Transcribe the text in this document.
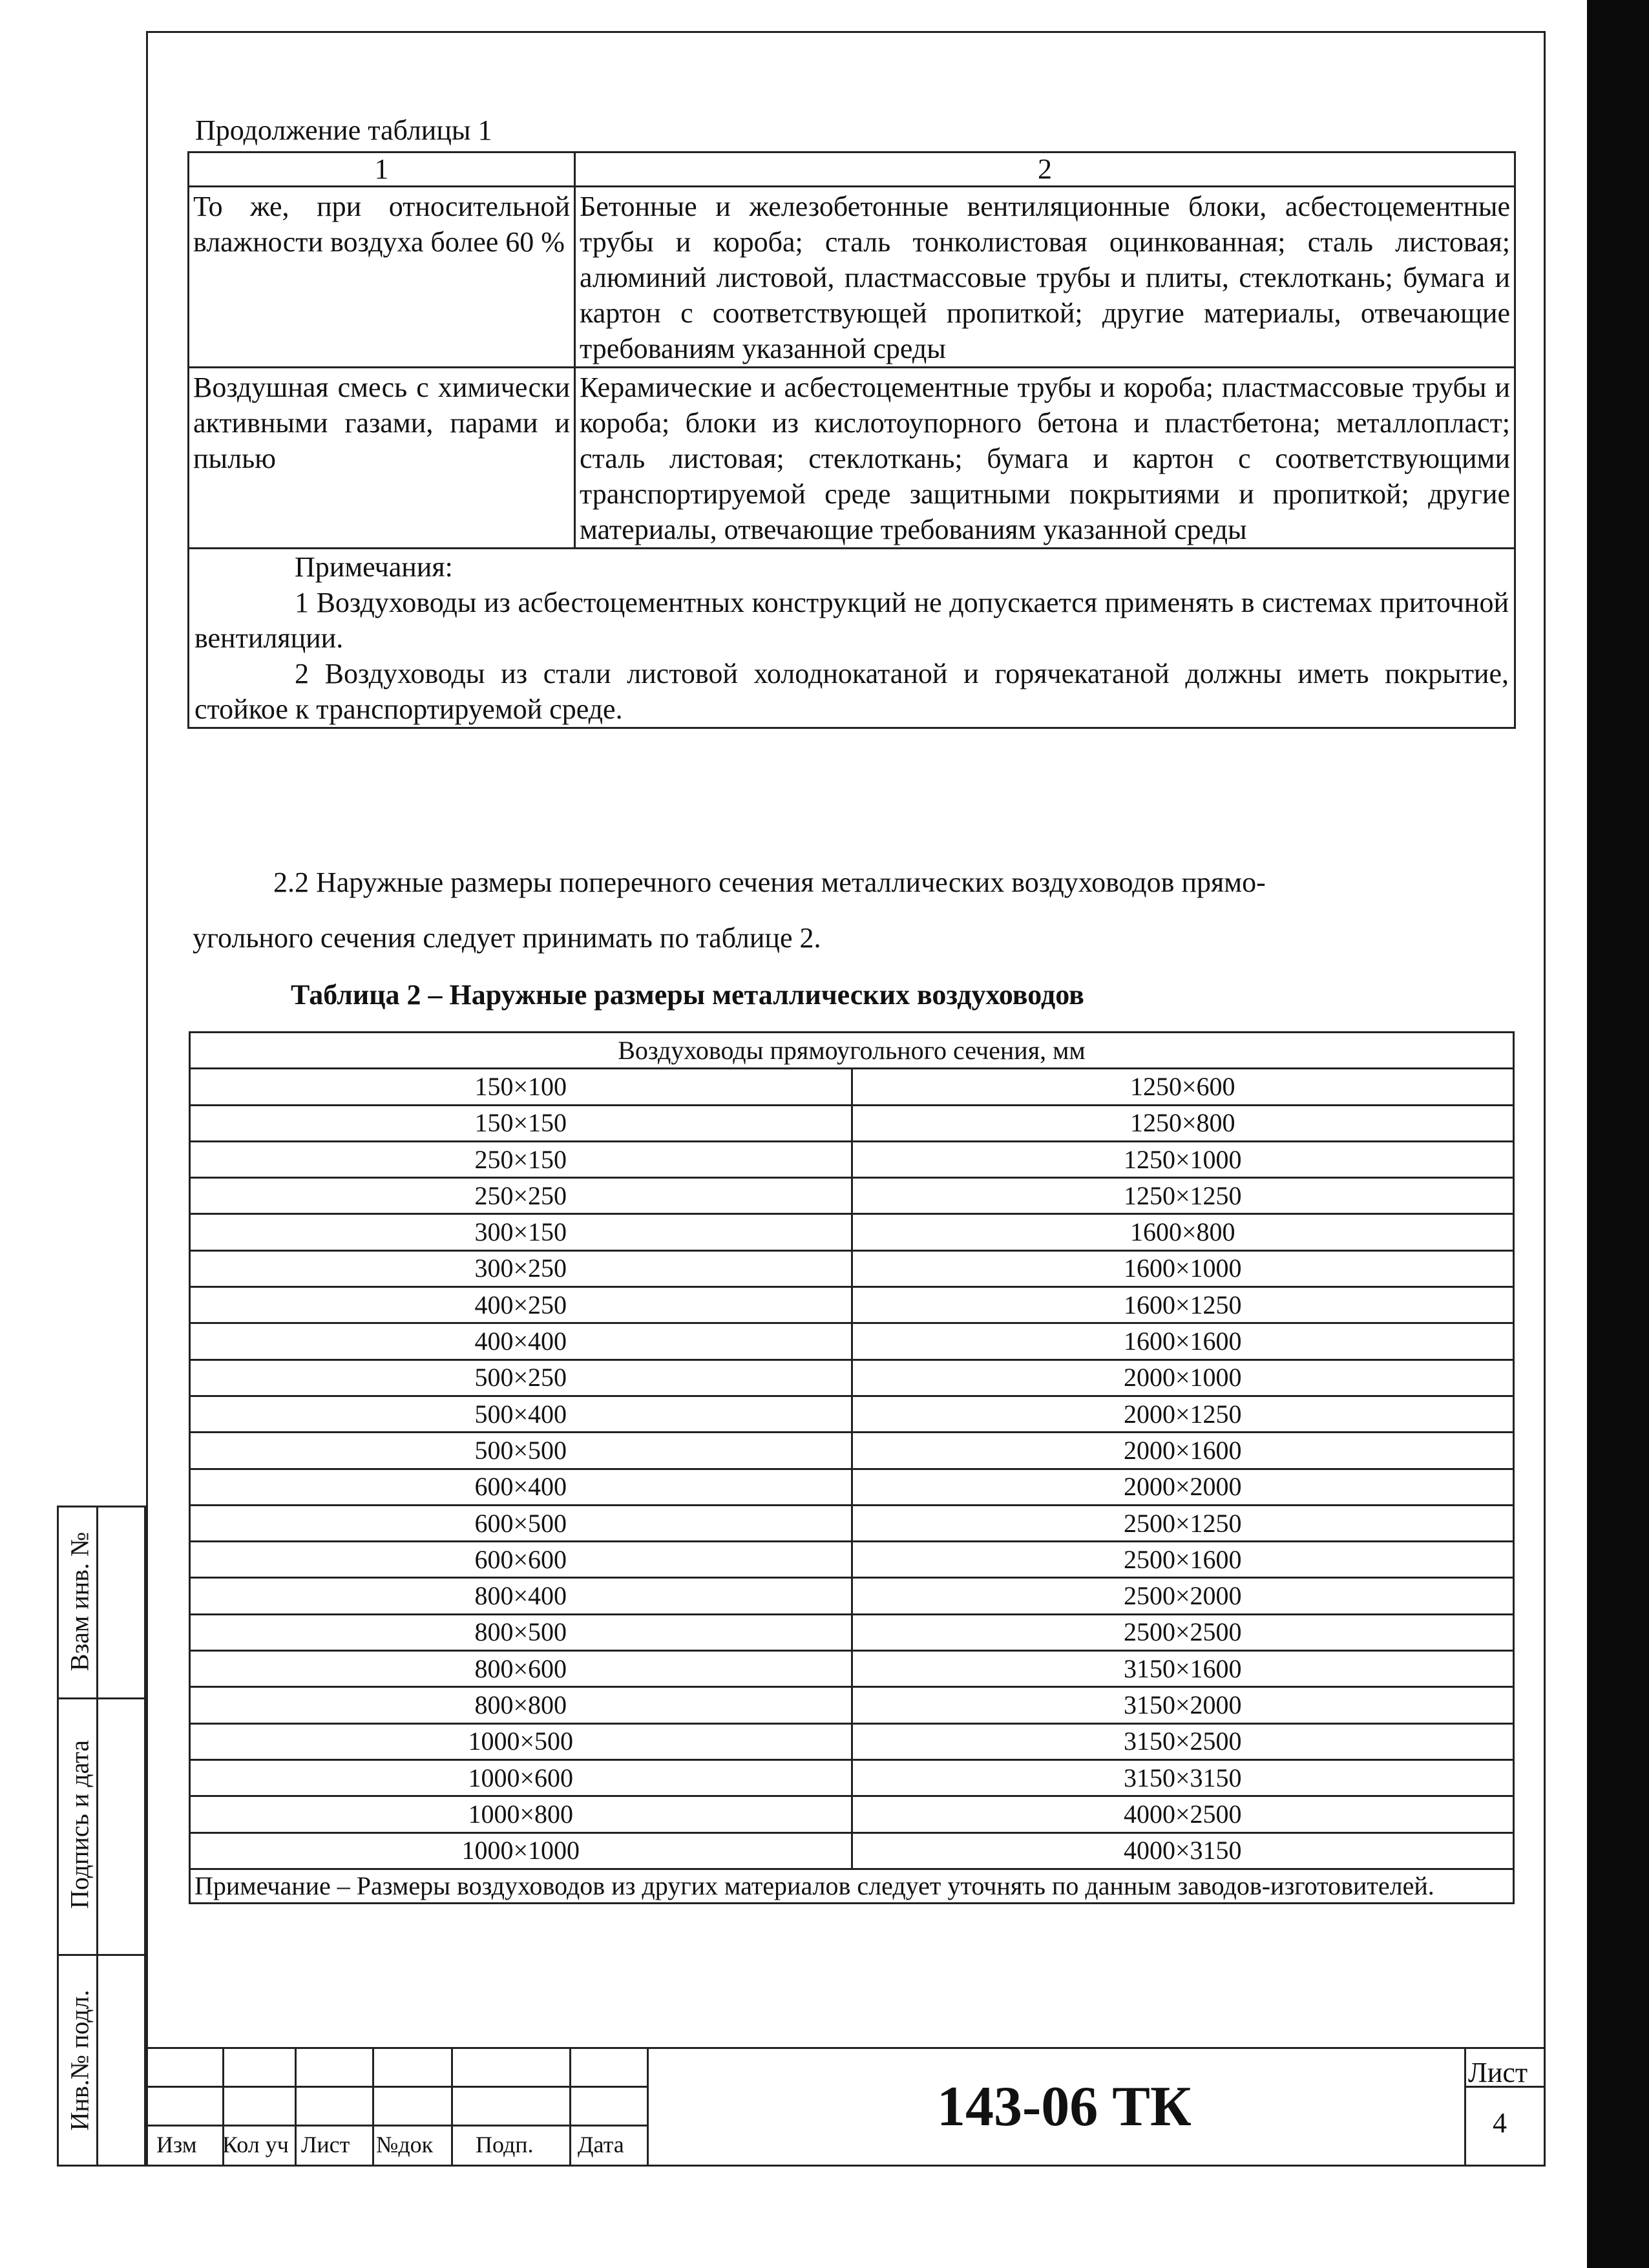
Продолжение таблицы 1
1	2
То же, при относительной влажности воздуха более 60 %	Бетонные и железобетонные вентиляционные блоки, асбестоцементные трубы и короба; сталь тонколистовая оцинкованная; сталь листовая; алюминий листовой, пластмассовые трубы и плиты, стеклоткань; бумага и картон с соответствующей пропиткой; другие материалы, отвечающие требованиям указанной среды
Воздушная смесь с химически активными газами, парами и пылью	Керамические и асбестоцементные трубы и короба; пластмассовые трубы и короба; блоки из кислотоупорного бетона и пластбетона; металлопласт; сталь листовая; стеклоткань; бумага и картон с соответствующими транспортируемой среде защитными покрытиями и пропиткой; другие материалы, отвечающие требованиям указанной среды

Примечания:
1 Воздуховоды из асбестоцементных конструкций не допускается применять в системах приточной вентиляции.
2 Воздуховоды из стали листовой холоднокатаной и горячекатаной должны иметь покрытие, стойкое к транспортируемой среде.	
2.2 Наружные размеры поперечного сечения металлических воздуховодов прямо-
угольного сечения следует принимать по таблице 2.
Таблица 2 – Наружные размеры металлических воздуховодов
Воздуховоды прямоугольного сечения, мм	
150×100	1250×600
150×150	1250×800
250×150	1250×1000
250×250	1250×1250
300×150	1600×800
300×250	1600×1000
400×250	1600×1250
400×400	1600×1600
500×250	2000×1000
500×400	2000×1250
500×500	2000×1600
600×400	2000×2000
600×500	2500×1250
600×600	2500×1600
800×400	2500×2000
800×500	2500×2500
800×600	3150×1600
800×800	3150×2000
1000×500	3150×2500
1000×600	3150×3150
1000×800	4000×2500
1000×1000	4000×3150
Примечание – Размеры воздуховодов из других материалов следует уточнять по данным заводов-изготовителей.	
Взам инв. №
Подпись и дата
Инв.№ подл.
Изм Кол уч Лист №док Подп. Дата
143-06 ТК
Лист
4
